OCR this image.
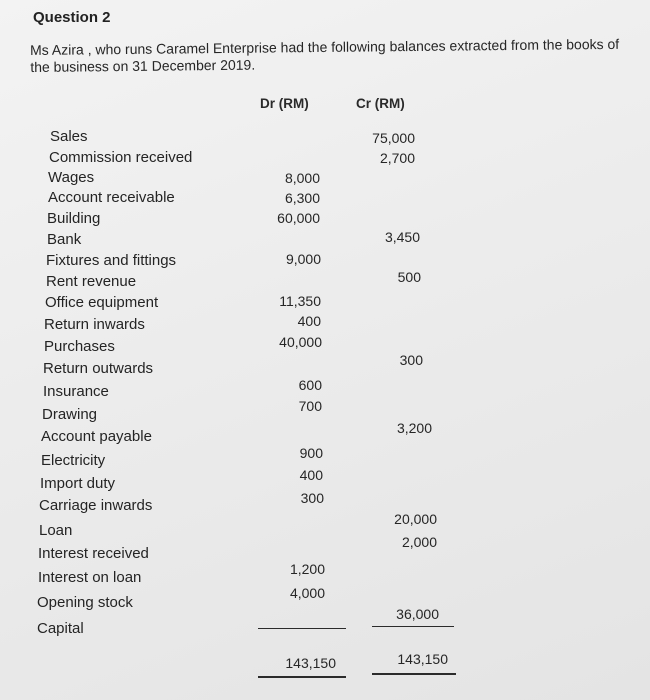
Question 2
Ms Azira , who runs Caramel Enterprise had the following balances extracted from the books of the business on 31 December 2019.
Dr (RM)	Cr (RM)
Sales
Commission received
Wages
Account receivable
Building
Bank
Fixtures and fittings
Rent revenue
Office equipment
Return inwards
Purchases
Return outwards
Insurance
Drawing
Account payable
Electricity
Import duty
Carriage inwards
Loan
Interest received
Interest on loan
Opening stock
Capital
8,000
6,300
60,000
9,000
11,350
400
40,000
600
700
900
400
300
1,200
4,000
75,000
2,700
3,450
500
300
3,200
20,000
2,000
36,000
143,150	143,150
